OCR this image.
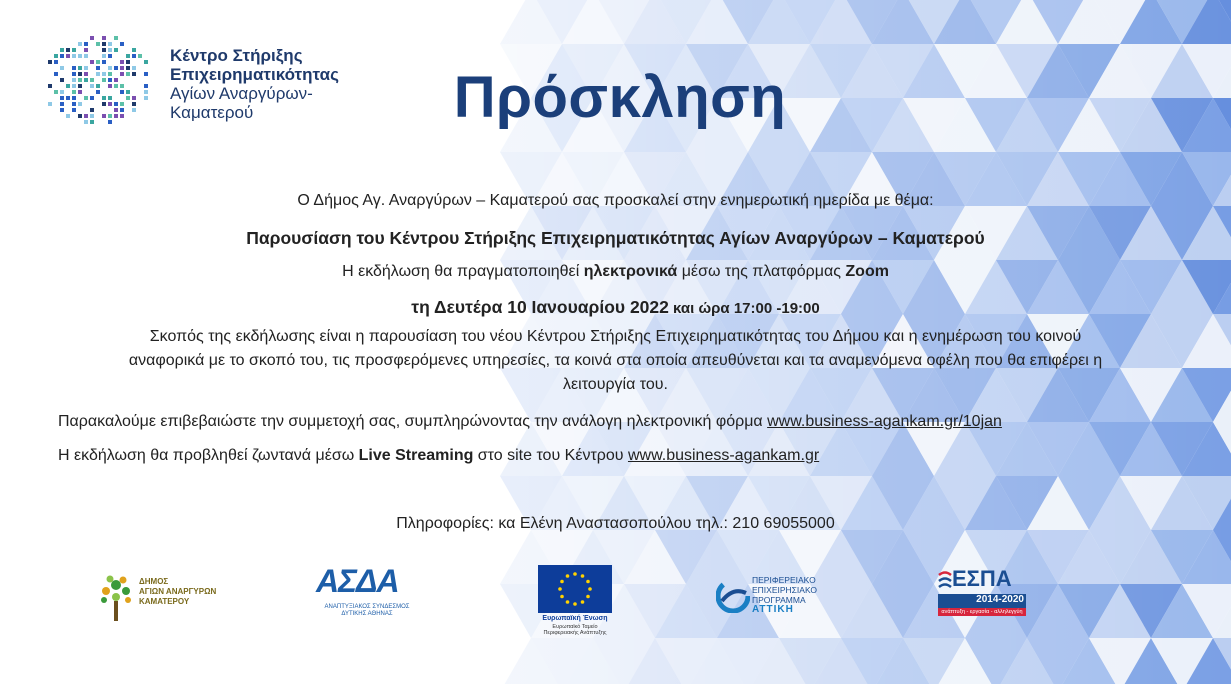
Κέντρο Στήριξης
Επιχειρηματικότητας
Αγίων Αναργύρων-
Καματερού	Πρόσκληση
Ο Δήμος Αγ. Αναργύρων – Καματερού σας προσκαλεί στην ενημερωτική ημερίδα με θέμα:
Παρουσίαση του Κέντρου Στήριξης Επιχειρηματικότητας Αγίων Αναργύρων – Καματερού
Η εκδήλωση θα πραγματοποιηθεί ηλεκτρονικά μέσω της πλατφόρμας Zoom
τη Δευτέρα 10 Ιανουαρίου 2022 και ώρα 17:00 -19:00
Σκοπός της εκδήλωσης είναι η παρουσίαση του νέου Κέντρου Στήριξης Επιχειρηματικότητας του Δήμου και η ενημέρωση του κοινού
αναφορικά με το σκοπό του, τις προσφερόμενες υπηρεσίες, τα κοινά στα οποία απευθύνεται και τα αναμενόμενα οφέλη που θα επιφέρει η
λειτουργία του.
Παρακαλούμε επιβεβαιώστε την συμμετοχή σας, συμπληρώνοντας την ανάλογη ηλεκτρονική φόρμα www.business-agankam.gr/10jan
Η εκδήλωση θα προβληθεί ζωντανά μέσω Live Streaming στο site του Κέντρου www.business-agankam.gr
Πληροφορίες: κα Ελένη Αναστασοπούλου τηλ.: 210 69055000
ΔΗΜΟΣ
ΑΓΙΩΝ ΑΝΑΡΓΥΡΩΝ
ΚΑΜΑΤΕΡΟΥ
ΑΣΔΑ
ΑΝΑΠΤΥΞΙΑΚΟΣ ΣΥΝΔΕΣΜΟΣ
ΔΥΤΙΚΗΣ ΑΘΗΝΑΣ
Ευρωπαϊκή Ένωση
Ευρωπαϊκό Ταμείο
Περιφερειακής Ανάπτυξης
ΠΕΡΙΦΕΡΕΙΑΚΟ
ΕΠΙΧΕΙΡΗΣΙΑΚΟ
ΠΡΟΓΡΑΜΜΑ
ΑΤΤΙΚΗ
ΕΣΠΑ
2014-2020
ανάπτυξη - εργασία - αλληλεγγύη
